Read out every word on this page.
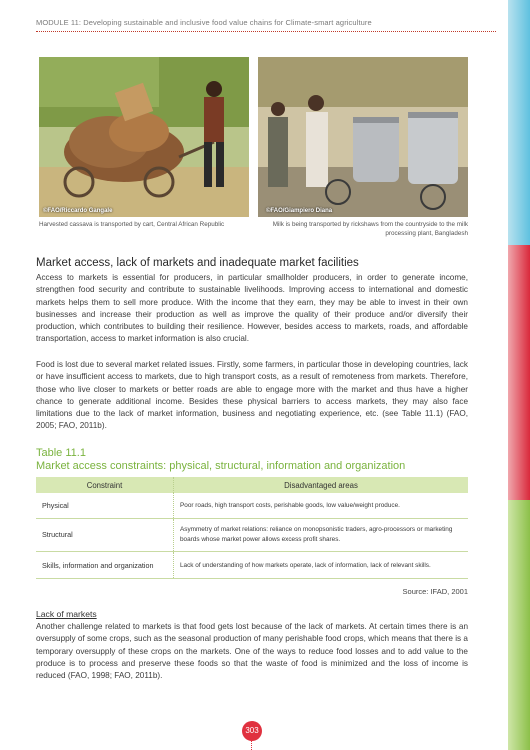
MODULE 11: Developing sustainable and inclusive food value chains for Climate-smart agriculture
©FAO/Riccardo Gangale
Harvested cassava is transported by cart, Central African Republic
©FAO/Giampiero Diana
Milk is being transported by rickshaws from the countryside to the milk processing plant, Bangladesh
Market access, lack of markets and inadequate market facilities
Access to markets is essential for producers, in particular smallholder producers, in order to generate income, strengthen food security and contribute to sustainable livelihoods. Improving access to international and domestic markets helps them to sell more produce. With the income that they earn, they may be able to invest in their own businesses and increase their production as well as improve the quality of their produce and/or diversify their production, which contributes to building their resilience. However, besides access to markets, roads, and affordable transportation, access to market information is also crucial.
Food is lost due to several market related issues. Firstly, some farmers, in particular those in developing countries, lack or have insufficient access to markets, due to high transport costs, as a result of remoteness from markets. Therefore, those who live closer to markets or better roads are able to engage more with the market and thus have a higher chance to generate additional income. Besides these physical barriers to access markets, they may also face limitations due to the lack of market information, business and negotiating experience, etc. (see Table 11.1) (FAO, 2005; FAO, 2011b).
Table 11.1
Market access constraints: physical, structural, information and organization
Constraint	Disadvantaged areas
Physical	Poor roads, high transport costs, perishable goods, low value/weight produce.
Structural	Asymmetry of market relations: reliance on monopsonistic traders, agro-processors or marketing boards whose market power allows excess profit shares.
Skills, information and organization	Lack of understanding of how markets operate, lack of information, lack of relevant skills.
Source: IFAD, 2001
Lack of markets
Another challenge related to markets is that food gets lost because of the lack of markets. At certain times there is an oversupply of some crops, such as the seasonal production of many perishable food crops, which means that there is a temporary oversupply of these crops on the markets. One of the ways to reduce food losses and to add value to the produce is to process and preserve these foods so that the waste of food is minimized and the loss of income is reduced (FAO, 1998; FAO, 2011b).
303
